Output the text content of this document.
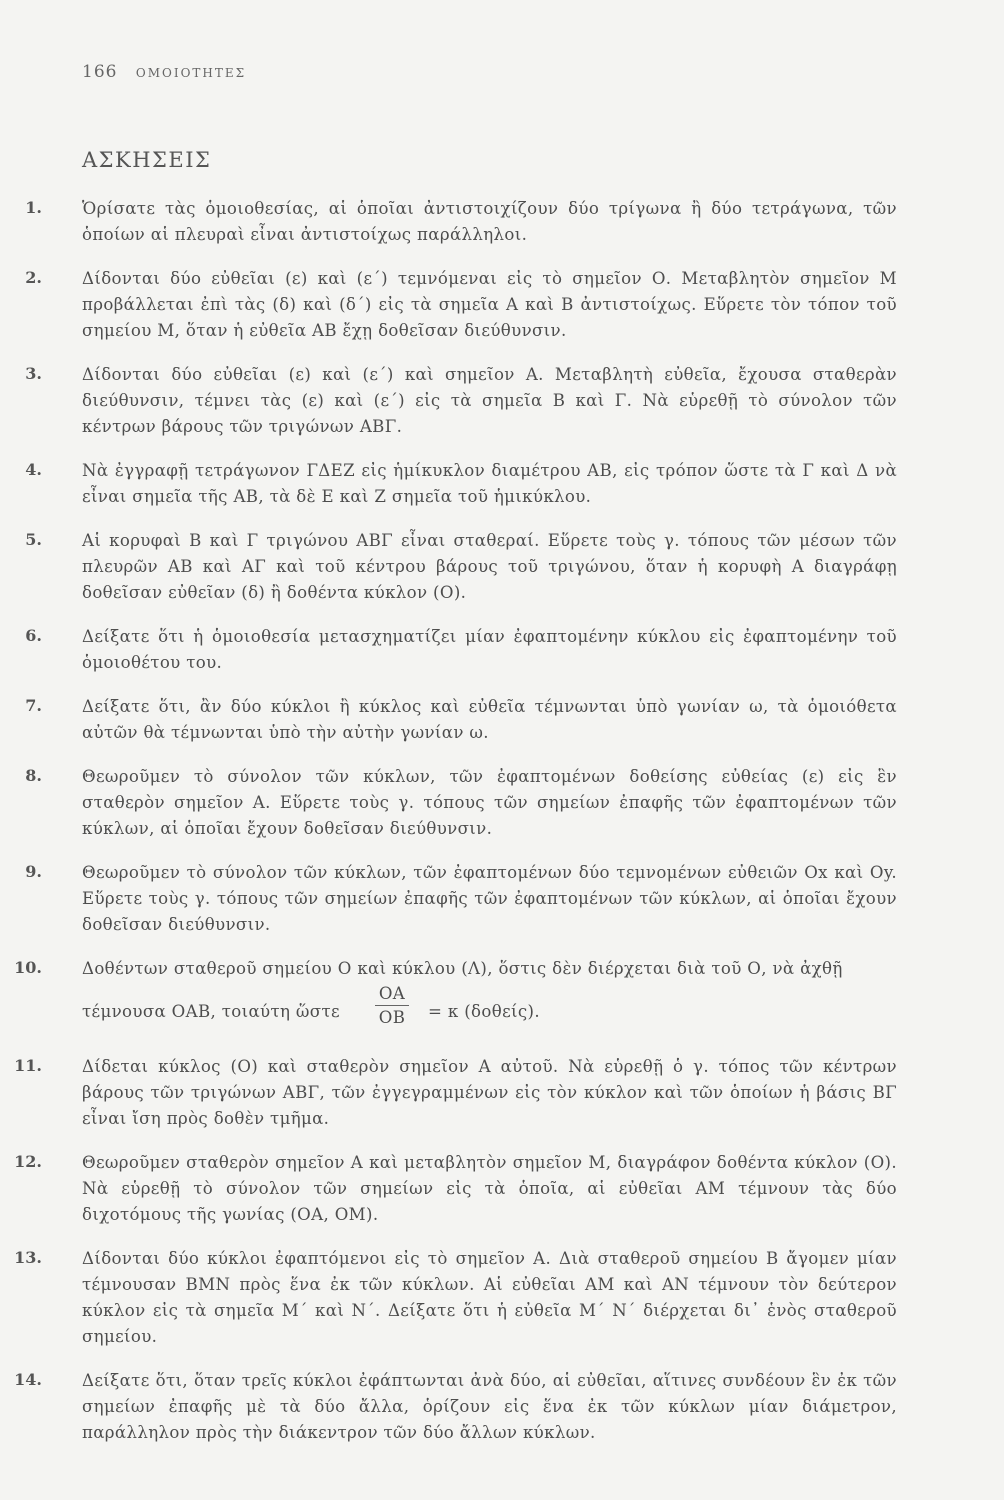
166 ΟΜΟΙΟΤΗΤΕΣ
ΑΣΚΗΣΕΙΣ
1. Ὁρίσατε τὰς ὁμοιοθεσίας, αἱ ὁποῖαι ἀντιστοιχίζουν δύο τρίγωνα ἢ δύο τετράγωνα, τῶν ὁποίων αἱ πλευραὶ εἶναι ἀντιστοίχως παράλληλοι.
2. Δίδονται δύο εὐθεῖαι (ε) καὶ (ε΄) τεμνόμεναι εἰς τὸ σημεῖον Ο. Μεταβλητὸν σημεῖον Μ προβάλλεται ἐπὶ τὰς (δ) καὶ (δ΄) εἰς τὰ σημεῖα Α καὶ Β ἀντιστοίχως. Εὕρετε τὸν τόπον τοῦ σημείου Μ, ὅταν ἡ εὐθεῖα ΑΒ ἔχῃ δοθεῖσαν διεύθυνσιν.
3. Δίδονται δύο εὐθεῖαι (ε) καὶ (ε΄) καὶ σημεῖον Α. Μεταβλητὴ εὐθεῖα, ἔχουσα σταθερὰν διεύθυνσιν, τέμνει τὰς (ε) καὶ (ε΄) εἰς τὰ σημεῖα Β καὶ Γ. Νὰ εὑρεθῇ τὸ σύνολον τῶν κέντρων βάρους τῶν τριγώνων ΑΒΓ.
4. Νὰ ἐγγραφῇ τετράγωνον ΓΔΕΖ εἰς ἡμίκυκλον διαμέτρου ΑΒ, εἰς τρόπον ὥστε τὰ Γ καὶ Δ νὰ εἶναι σημεῖα τῆς ΑΒ, τὰ δὲ Ε καὶ Ζ σημεῖα τοῦ ἡμικύκλου.
5. Αἱ κορυφαὶ Β καὶ Γ τριγώνου ΑΒΓ εἶναι σταθεραί. Εὕρετε τοὺς γ. τόπους τῶν μέσων τῶν πλευρῶν ΑΒ καὶ ΑΓ καὶ τοῦ κέντρου βάρους τοῦ τριγώνου, ὅταν ἡ κορυφὴ Α διαγράφῃ δοθεῖσαν εὐθεῖαν (δ) ἢ δοθέντα κύκλον (Ο).
6. Δείξατε ὅτι ἡ ὁμοιοθεσία μετασχηματίζει μίαν ἐφαπτομένην κύκλου εἰς ἐφαπτομένην τοῦ ὁμοιοθέτου του.
7. Δείξατε ὅτι, ἂν δύο κύκλοι ἢ κύκλος καὶ εὐθεῖα τέμνωνται ὑπὸ γωνίαν ω, τὰ ὁμοιόθετα αὐτῶν θὰ τέμνωνται ὑπὸ τὴν αὐτὴν γωνίαν ω.
8. Θεωροῦμεν τὸ σύνολον τῶν κύκλων, τῶν ἐφαπτομένων δοθείσης εὐθείας (ε) εἰς ἓν σταθερὸν σημεῖον Α. Εὕρετε τοὺς γ. τόπους τῶν σημείων ἐπαφῆς τῶν ἐφαπτομένων τῶν κύκλων, αἱ ὁποῖαι ἔχουν δοθεῖσαν διεύθυνσιν.
9. Θεωροῦμεν τὸ σύνολον τῶν κύκλων, τῶν ἐφαπτομένων δύο τεμνομένων εὐθειῶν Οx καὶ Οy. Εὕρετε τοὺς γ. τόπους τῶν σημείων ἐπαφῆς τῶν ἐφαπτομένων τῶν κύκλων, αἱ ὁποῖαι ἔχουν δοθεῖσαν διεύθυνσιν.
10. Δοθέντων σταθεροῦ σημείου Ο καὶ κύκλου (Λ), ὅστις δὲν διέρχεται διὰ τοῦ Ο, νὰ ἀχθῇ
τέμνουσα ΟΑΒ, τοιαύτη ὥστε $\frac{OA}{OB} = \kappa$ (δοθείς).
11. Δίδεται κύκλος (Ο) καὶ σταθερὸν σημεῖον Α αὐτοῦ. Νὰ εὑρεθῇ ὁ γ. τόπος τῶν κέντρων βάρους τῶν τριγώνων ΑΒΓ, τῶν ἐγγεγραμμένων εἰς τὸν κύκλον καὶ τῶν ὁποίων ἡ βάσις ΒΓ εἶναι ἴση πρὸς δοθὲν τμῆμα.
12. Θεωροῦμεν σταθερὸν σημεῖον Α καὶ μεταβλητὸν σημεῖον Μ, διαγράφον δοθέντα κύκλον (Ο). Νὰ εὑρεθῇ τὸ σύνολον τῶν σημείων εἰς τὰ ὁποῖα, αἱ εὐθεῖαι ΑΜ τέμνουν τὰς δύο διχοτόμους τῆς γωνίας (ΟΑ, ΟΜ).
13. Δίδονται δύο κύκλοι ἐφαπτόμενοι εἰς τὸ σημεῖον Α. Διὰ σταθεροῦ σημείου Β ἄγομεν μίαν τέμνουσαν ΒΜΝ πρὸς ἕνα ἐκ τῶν κύκλων. Αἱ εὐθεῖαι ΑΜ καὶ ΑΝ τέμνουν τὸν δεύτερον κύκλον εἰς τὰ σημεῖα Μ΄ καὶ Ν΄. Δείξατε ὅτι ἡ εὐθεῖα Μ΄ Ν΄ διέρχεται δι᾽ ἑνὸς σταθεροῦ σημείου.
14. Δείξατε ὅτι, ὅταν τρεῖς κύκλοι ἐφάπτωνται ἀνὰ δύο, αἱ εὐθεῖαι, αἵτινες συνδέουν ἓν ἐκ τῶν σημείων ἐπαφῆς μὲ τὰ δύο ἄλλα, ὁρίζουν εἰς ἕνα ἐκ τῶν κύκλων μίαν διάμετρον, παράλληλον πρὸς τὴν διάκεντρον τῶν δύο ἄλλων κύκλων.
